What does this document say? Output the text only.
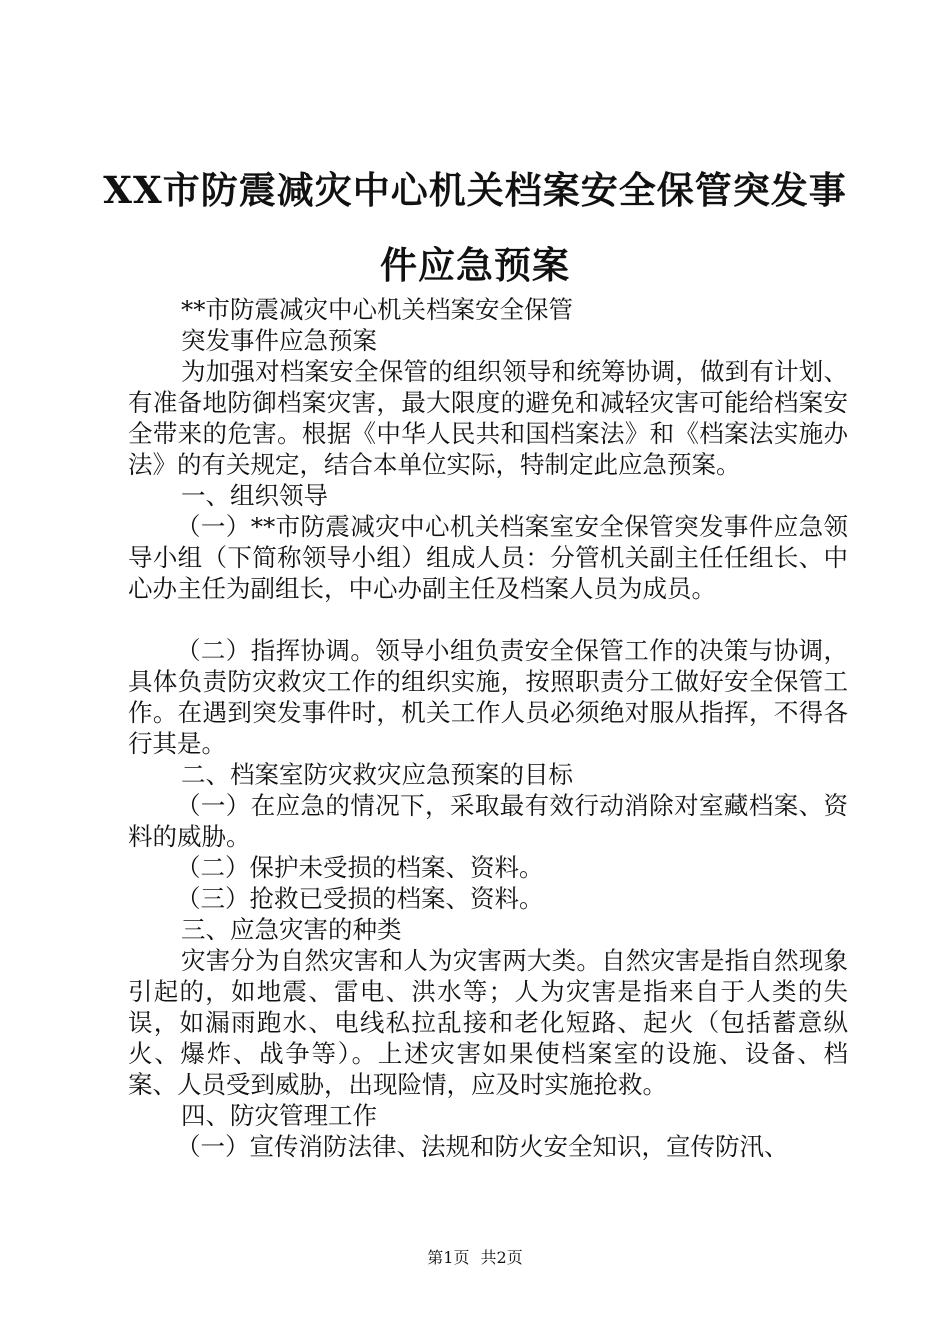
XX市防震减灾中心机关档案安全保管突发事
件应急预案

**市防震减灾中心机关档案安全保管

突发事件应急预案

为加强对档案安全保管的组织领导和统筹协调，做到有计划、有准备地防御档案灾害，最大限度的避免和减轻灾害可能给档案安全带来的危害。根据《中华人民共和国档案法》和《档案法实施办法》的有关规定，结合本单位实际，特制定此应急预案。

一、组织领导

（一）**市防震减灾中心机关档案室安全保管突发事件应急领导小组（下简称领导小组）组成人员：分管机关副主任任组长、中心办主任为副组长，中心办副主任及档案人员为成员。

（二）指挥协调。领导小组负责安全保管工作的决策与协调，具体负责防灾救灾工作的组织实施，按照职责分工做好安全保管工作。在遇到突发事件时，机关工作人员必须绝对服从指挥，不得各行其是。

二、档案室防灾救灾应急预案的目标

（一）在应急的情况下，采取最有效行动消除对室藏档案、资料的威胁。

（二）保护未受损的档案、资料。

（三）抢救已受损的档案、资料。

三、应急灾害的种类

灾害分为自然灾害和人为灾害两大类。自然灾害是指自然现象引起的，如地震、雷电、洪水等；人为灾害是指来自于人类的失误，如漏雨跑水、电线私拉乱接和老化短路、起火（包括蓄意纵火、爆炸、战争等）。上述灾害如果使档案室的设施、设备、档案、人员受到威胁，出现险情，应及时实施抢救。

四、防灾管理工作

（一）宣传消防法律、法规和防火安全知识，宣传防汛、

第1页 共2页
